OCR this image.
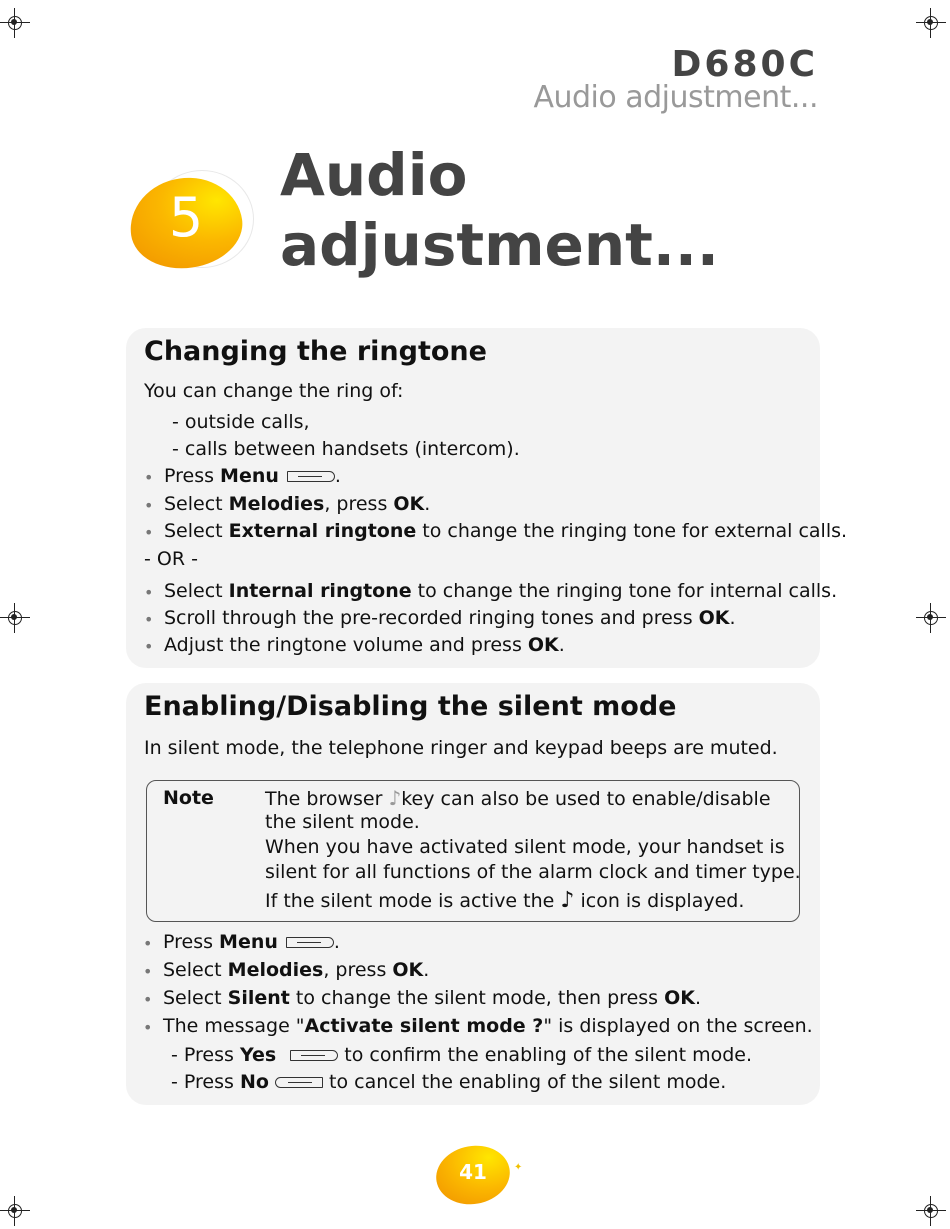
D680C
Audio adjustment...
5
Audio
adjustment...
Changing the ringtone
You can change the ring of:
- outside calls,
- calls between handsets (intercom).
• Press Menu	.
• Select Melodies, press OK.
• Select External ringtone to change the ringing tone for external calls.
- OR -
• Select Internal ringtone to change the ringing tone for internal calls.
• Scroll through the pre-recorded ringing tones and press OK.
• Adjust the ringtone volume and press OK.
Enabling/Disabling the silent mode
In silent mode, the telephone ringer and keypad beeps are muted.
• Press Menu	.
• Select Melodies, press OK.
• Select Silent to change the silent mode, then press OK.
• The message "Activate silent mode ?" is displayed on the screen.
- Press Yes	to confirm the enabling of the silent mode.
- Press No	to cancel the enabling of the silent mode.
Note	The browser ♪key can also be used to enable/disable
the silent mode.
When you have activated silent mode, your handset is
silent for all functions of the alarm clock and timer type.
If the silent mode is active the ♪ icon is displayed.
41	✦
